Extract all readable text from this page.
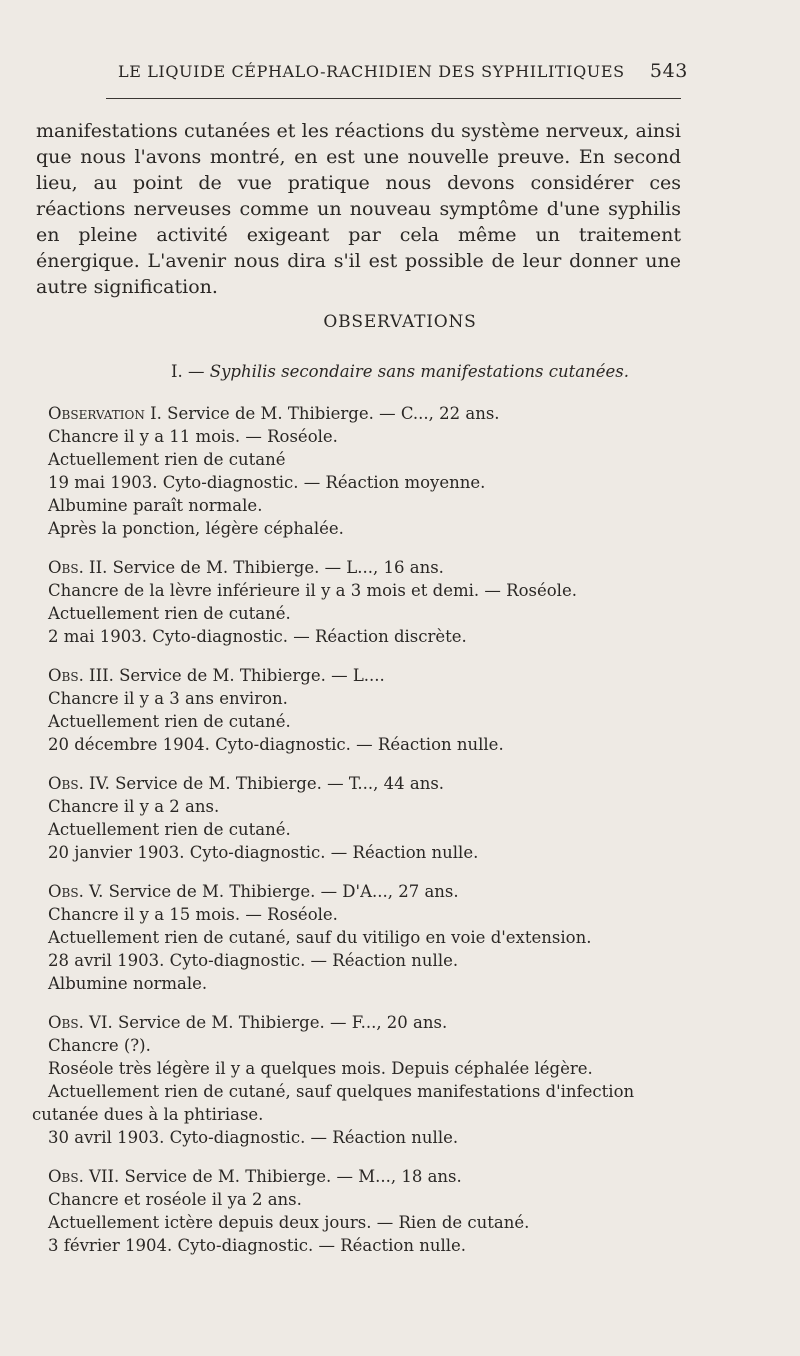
LE LIQUIDE CÉPHALO-RACHIDIEN DES SYPHILITIQUES 543

manifestations cutanées et les réactions du système nerveux, ainsi que nous l'avons montré, en est une nouvelle preuve. En second lieu, au point de vue pratique nous devons considérer ces réactions nerveuses comme un nouveau symptôme d'une syphilis en pleine activité exigeant par cela même un traitement énergique. L'avenir nous dira s'il est possible de leur donner une autre signification.

OBSERVATIONS
I. — Syphilis secondaire sans manifestations cutanées.
Observation I. Service de M. Thibierge. — C..., 22 ans.
Chancre il y a 11 mois. — Roséole.
Actuellement rien de cutané
19 mai 1903. Cyto-diagnostic. — Réaction moyenne.
Albumine paraît normale.
Après la ponction, légère céphalée.
Obs. II. Service de M. Thibierge. — L..., 16 ans.
Chancre de la lèvre inférieure il y a 3 mois et demi. — Roséole.
Actuellement rien de cutané.
2 mai 1903. Cyto-diagnostic. — Réaction discrète.
Obs. III. Service de M. Thibierge. — L....
Chancre il y a 3 ans environ.
Actuellement rien de cutané.
20 décembre 1904. Cyto-diagnostic. — Réaction nulle.
Obs. IV. Service de M. Thibierge. — T..., 44 ans.
Chancre il y a 2 ans.
Actuellement rien de cutané.
20 janvier 1903. Cyto-diagnostic. — Réaction nulle.
Obs. V. Service de M. Thibierge. — D'A..., 27 ans.
Chancre il y a 15 mois. — Roséole.
Actuellement rien de cutané, sauf du vitiligo en voie d'extension.
28 avril 1903. Cyto-diagnostic. — Réaction nulle.
Albumine normale.
Obs. VI. Service de M. Thibierge. — F..., 20 ans.
Chancre (?).
Roséole très légère il y a quelques mois. Depuis céphalée légère.
Actuellement rien de cutané, sauf quelques manifestations d'infection
cutanée dues à la phtiriase.
30 avril 1903. Cyto-diagnostic. — Réaction nulle.
Obs. VII. Service de M. Thibierge. — M..., 18 ans.
Chancre et roséole il ya 2 ans.
Actuellement ictère depuis deux jours. — Rien de cutané.
3 février 1904. Cyto-diagnostic. — Réaction nulle.
